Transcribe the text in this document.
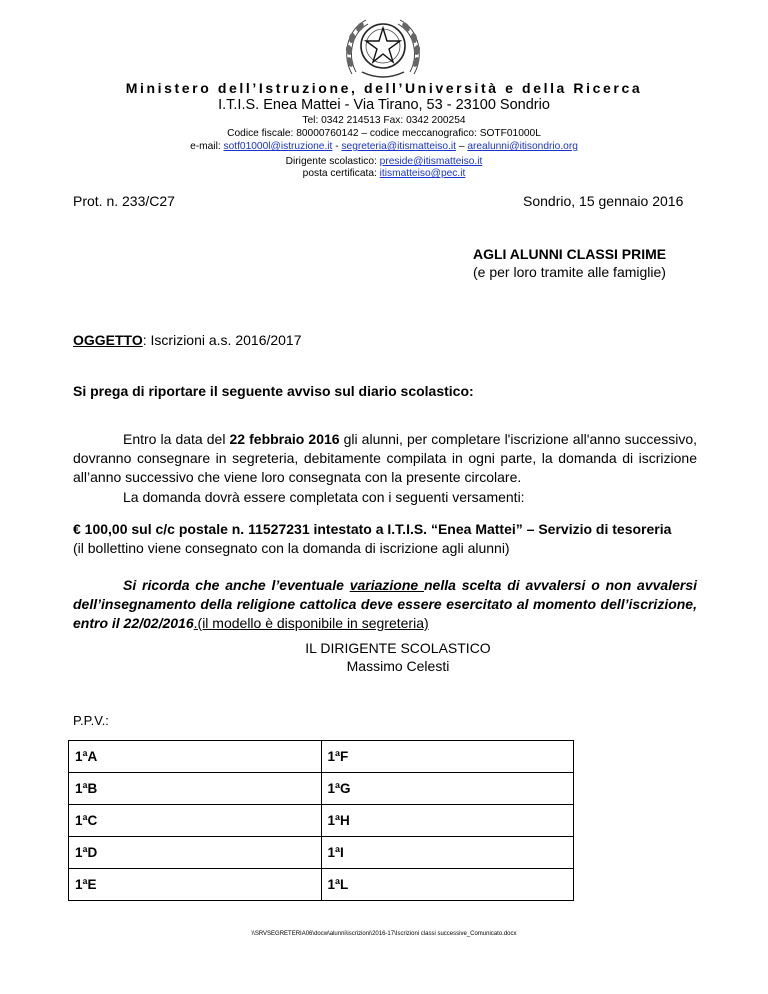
Ministero dell’Istruzione, dell’Università e della Ricerca
I.T.I.S. Enea Mattei - Via Tirano, 53 - 23100 Sondrio
Tel: 0342 214513 Fax: 0342 200254
Codice fiscale: 80000760142 – codice meccanografico: SOTF01000L
e-mail: sotf01000l@istruzione.it - segreteria@itismatteiso.it – arealunni@itisondrio.org
Dirigente scolastico: preside@itismatteiso.it
posta certificata: itismatteiso@pec.it
Prot. n. 233/C27	Sondrio, 15 gennaio 2016
AGLI ALUNNI CLASSI PRIME
(e per loro tramite alle famiglie)
OGGETTO: Iscrizioni a.s. 2016/2017
Si prega di riportare il seguente avviso sul diario scolastico:
Entro la data del 22 febbraio 2016 gli alunni, per completare l'iscrizione all'anno successivo, dovranno consegnare in segreteria, debitamente compilata in ogni parte, la domanda di iscrizione all’anno successivo che viene loro consegnata con la presente circolare.
La domanda dovrà essere completata con i seguenti versamenti:
€ 100,00 sul c/c postale n. 11527231 intestato a I.T.I.S. “Enea Mattei” – Servizio di tesoreria
(il bollettino viene consegnato con la domanda di iscrizione agli alunni)
Si ricorda che anche l’eventuale variazione nella scelta di avvalersi o non avvalersi dell’insegnamento della religione cattolica deve essere esercitato al momento dell’iscrizione, entro il 22/02/2016.(il modello è disponibile in segreteria)
IL DIRIGENTE SCOLASTICO
Massimo Celesti
P.P.V.:
1ªA	1ªF
1ªB	1ªG
1ªC	1ªH
1ªD	1ªI
1ªE	1ªL
\\SRVSEGRETERIA06\docw\alunni\iscrizioni\2016-17\Iscrizioni classi successive_Comunicato.docx
